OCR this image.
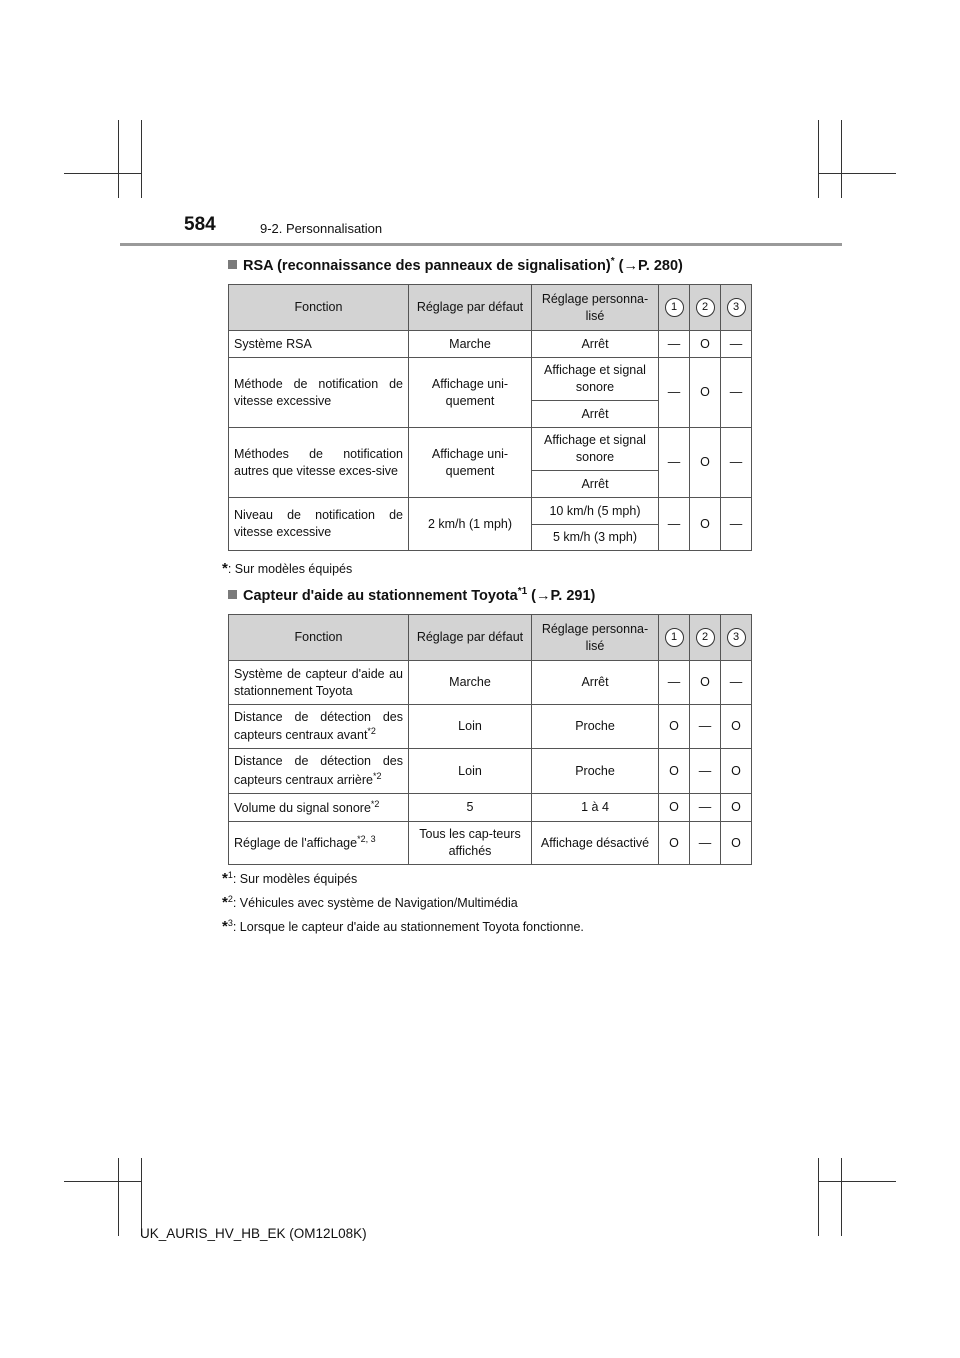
584	9-2. Personnalisation
RSA (reconnaissance des panneaux de signalisation)* (→P. 280)
Fonction	Réglage par défaut	Réglage personna-lisé	1	2	3
Système RSA	Marche	Arrêt	—	O	—
Méthode de notification de vitesse excessive	Affichage uni-quement	Affichage et signal sonore	—	O	—
		Arrêt			
Méthodes de notification autres que vitesse exces-sive	Affichage uni-quement	Affichage et signal sonore	—	O	—
		Arrêt			
Niveau de notification de vitesse excessive	2 km/h (1 mph)	10 km/h (5 mph)	—	O	—
		5 km/h (3 mph)			
*: Sur modèles équipés
Capteur d'aide au stationnement Toyota$^{*1}$ (→P. 291)
Fonction	Réglage par défaut	Réglage personna-lisé	1	2	3
Système de capteur d'aide au stationnement Toyota	Marche	Arrêt	—	O	—
Distance de détection des capteurs centraux avant$^{*2}$	Loin	Proche	O	—	O
Distance de détection des capteurs centraux arrière$^{*2}$	Loin	Proche	O	—	O
Volume du signal sonore$^{*2}$	5	1 à 4	O	—	O
Réglage de l'affichage$^{*2, 3}$	Tous les cap-teurs affichés	Affichage désactivé	O	—	O
*$^1$: Sur modèles équipés
*$^2$: Véhicules avec système de Navigation/Multimédia
*$^3$: Lorsque le capteur d'aide au stationnement Toyota fonctionne.
UK_AURIS_HV_HB_EK (OM12L08K)
